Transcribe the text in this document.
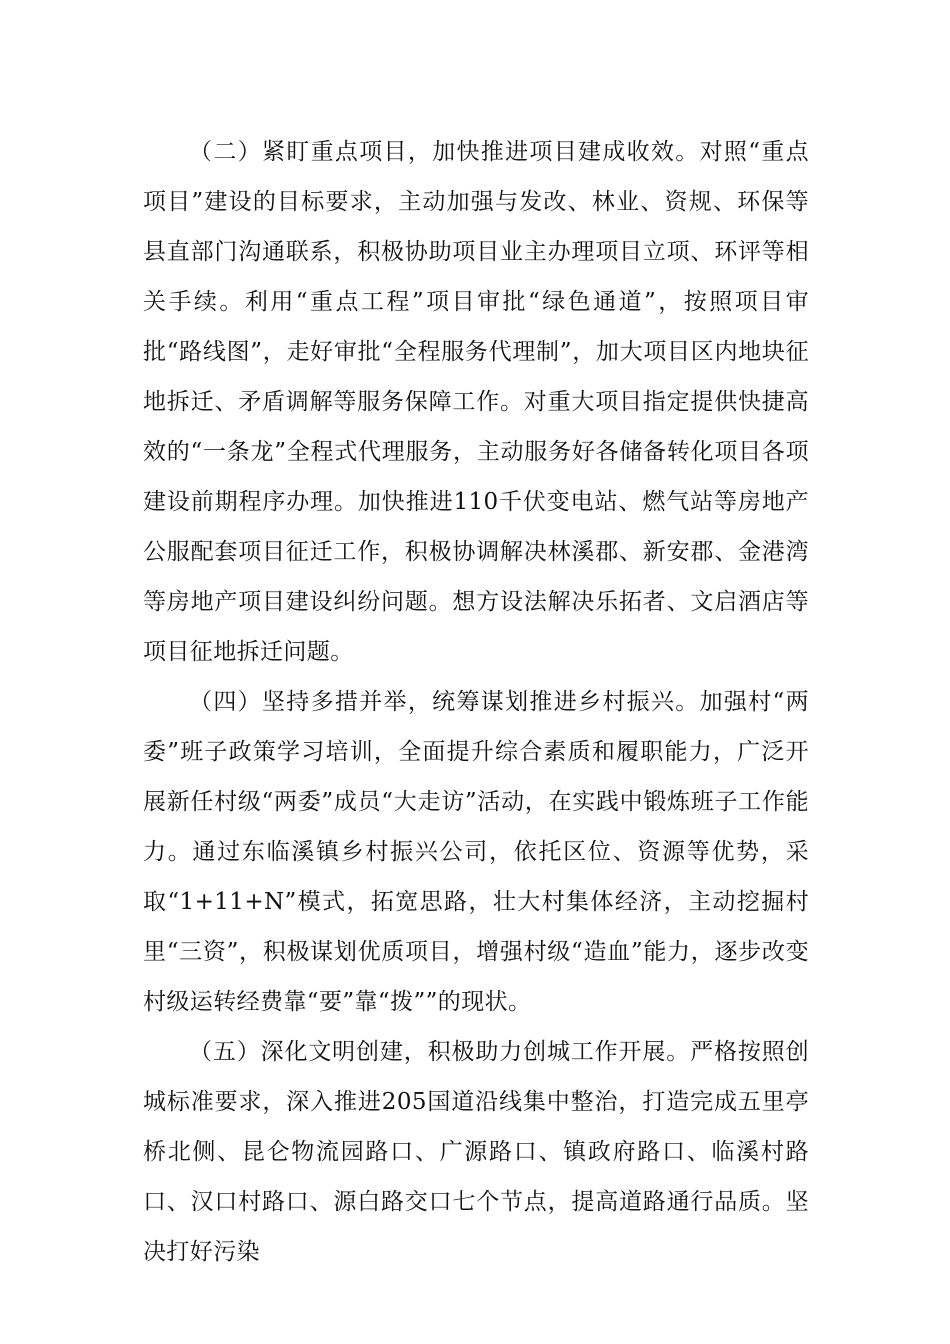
（二）紧盯重点项目，加快推进项目建成收效。对照“重点项目”建设的目标要求，主动加强与发改、林业、资规、环保等县直部门沟通联系，积极协助项目业主办理项目立项、环评等相关手续。利用“重点工程”项目审批“绿色通道”，按照项目审批“路线图”，走好审批“全程服务代理制”，加大项目区内地块征地拆迁、矛盾调解等服务保障工作。对重大项目指定提供快捷高效的“一条龙”全程式代理服务，主动服务好各储备转化项目各项建设前期程序办理。加快推进110千伏变电站、燃气站等房地产公服配套项目征迁工作，积极协调解决林溪郡、新安郡、金港湾等房地产项目建设纠纷问题。想方设法解决乐拓者、文启酒店等项目征地拆迁问题。

（四）坚持多措并举，统筹谋划推进乡村振兴。加强村“两委”班子政策学习培训，全面提升综合素质和履职能力，广泛开展新任村级“两委”成员“大走访”活动，在实践中锻炼班子工作能力。通过东临溪镇乡村振兴公司，依托区位、资源等优势，采取“1+11+N”模式，拓宽思路，壮大村集体经济，主动挖掘村里“三资”，积极谋划优质项目，增强村级“造血”能力，逐步改变村级运转经费靠“要”靠“拨””的现状。

（五）深化文明创建，积极助力创城工作开展。严格按照创城标准要求，深入推进205国道沿线集中整治，打造完成五里亭桥北侧、昆仑物流园路口、广源路口、镇政府路口、临溪村路口、汉口村路口、源白路交口七个节点，提高道路通行品质。坚决打好污染
